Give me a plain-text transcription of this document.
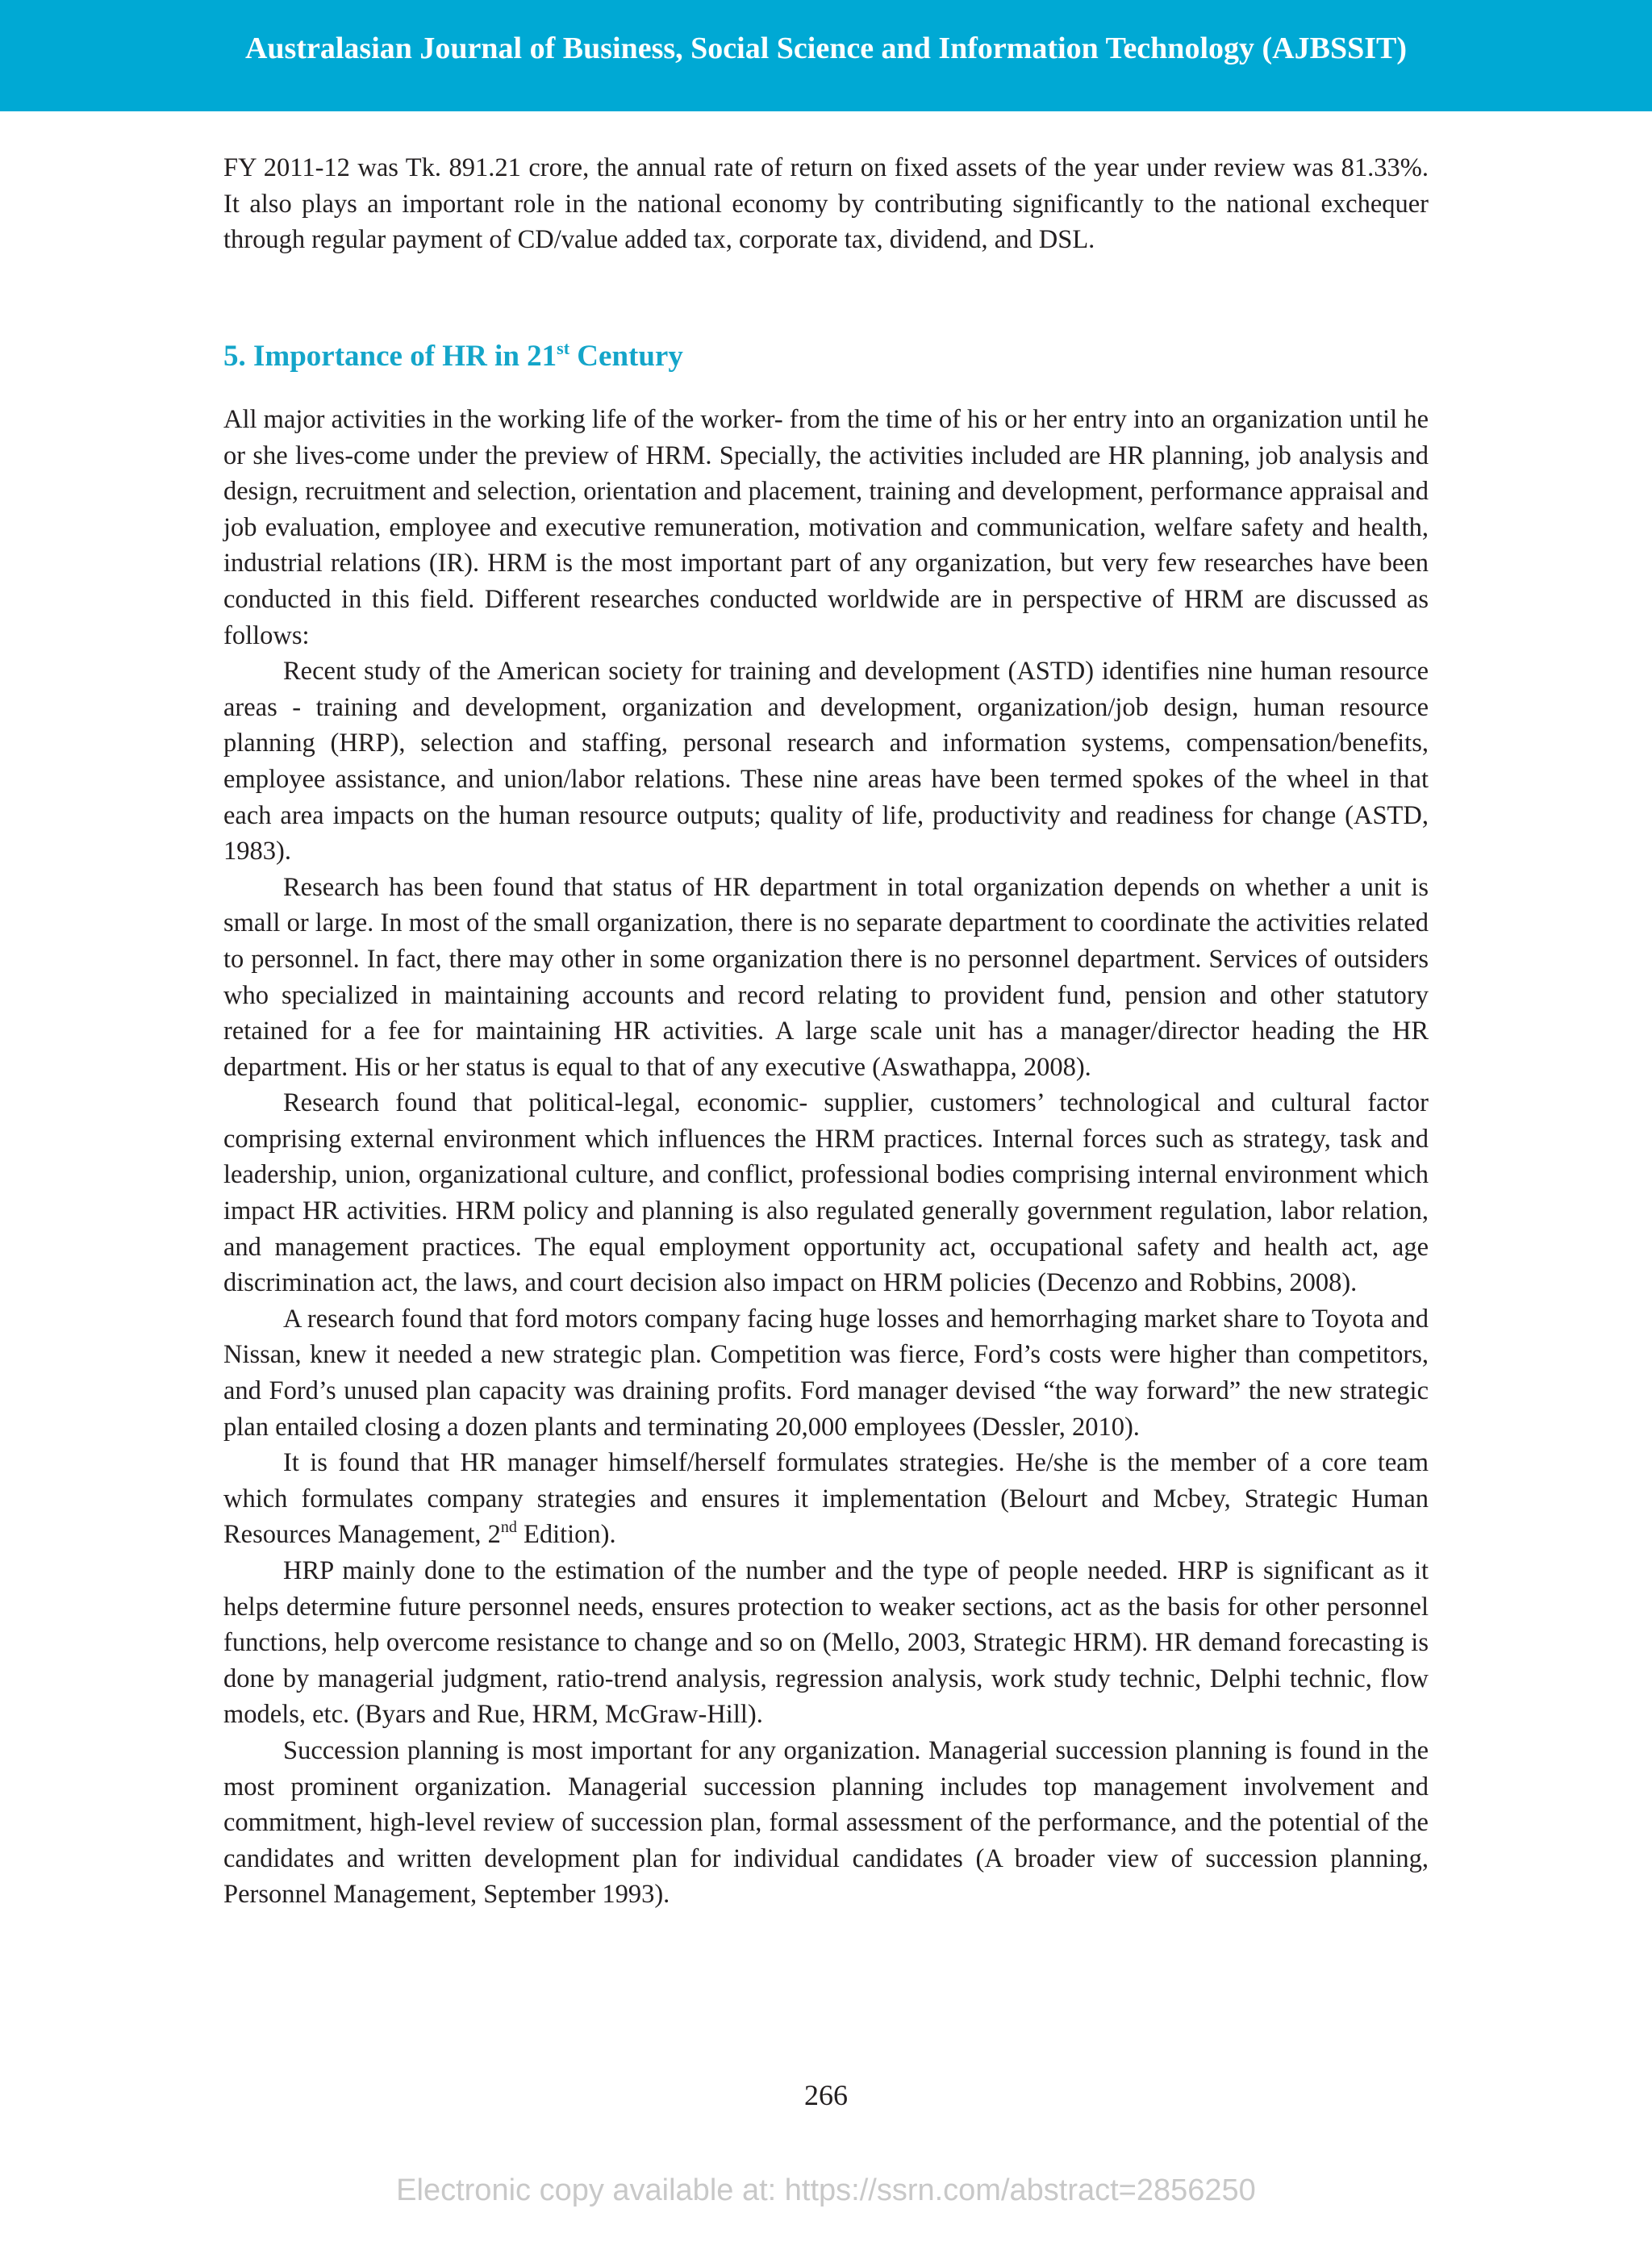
Australasian Journal of Business, Social Science and Information Technology (AJBSSIT)

FY 2011-12 was Tk. 891.21 crore, the annual rate of return on fixed assets of the year under review was 81.33%. It also plays an important role in the national economy by contributing significantly to the national exchequer through regular payment of CD/value added tax, corporate tax, dividend, and DSL.

5. Importance of HR in 21st Century

All major activities in the working life of the worker- from the time of his or her entry into an organization until he or she lives-come under the preview of HRM. Specially, the activities included are HR planning, job analysis and design, recruitment and selection, orientation and placement, training and development, performance appraisal and job evaluation, employee and executive remuneration, motivation and communication, welfare safety and health, industrial relations (IR). HRM is the most important part of any organization, but very few researches have been conducted in this field. Different researches conducted worldwide are in perspective of HRM are discussed as follows:

Recent study of the American society for training and development (ASTD) identifies nine human resource areas - training and development, organization and development, organization/job design, human resource planning (HRP), selection and staffing, personal research and information systems, compensation/benefits, employee assistance, and union/labor relations. These nine areas have been termed spokes of the wheel in that each area impacts on the human resource outputs; quality of life, productivity and readiness for change (ASTD, 1983).

Research has been found that status of HR department in total organization depends on whether a unit is small or large. In most of the small organization, there is no separate department to coordinate the activities related to personnel. In fact, there may other in some organization there is no personnel department. Services of outsiders who specialized in maintaining accounts and record relating to provident fund, pension and other statutory retained for a fee for maintaining HR activities. A large scale unit has a manager/director heading the HR department. His or her status is equal to that of any executive (Aswathappa, 2008).

Research found that political-legal, economic- supplier, customers’ technological and cultural factor comprising external environment which influences the HRM practices. Internal forces such as strategy, task and leadership, union, organizational culture, and conflict, professional bodies comprising internal environment which impact HR activities. HRM policy and planning is also regulated generally government regulation, labor relation, and management practices. The equal employment opportunity act, occupational safety and health act, age discrimination act, the laws, and court decision also impact on HRM policies (Decenzo and Robbins, 2008).

A research found that ford motors company facing huge losses and hemorrhaging market share to Toyota and Nissan, knew it needed a new strategic plan. Competition was fierce, Ford’s costs were higher than competitors, and Ford’s unused plan capacity was draining profits. Ford manager devised “the way forward” the new strategic plan entailed closing a dozen plants and terminating 20,000 employees (Dessler, 2010).

It is found that HR manager himself/herself formulates strategies. He/she is the member of a core team which formulates company strategies and ensures it implementation (Belourt and Mcbey, Strategic Human Resources Management, 2nd Edition).

HRP mainly done to the estimation of the number and the type of people needed. HRP is significant as it helps determine future personnel needs, ensures protection to weaker sections, act as the basis for other personnel functions, help overcome resistance to change and so on (Mello, 2003, Strategic HRM). HR demand forecasting is done by managerial judgment, ratio-trend analysis, regression analysis, work study technic, Delphi technic, flow models, etc. (Byars and Rue, HRM, McGraw-Hill).

Succession planning is most important for any organization. Managerial succession planning is found in the most prominent organization. Managerial succession planning includes top management involvement and commitment, high-level review of succession plan, formal assessment of the performance, and the potential of the candidates and written development plan for individual candidates (A broader view of succession planning, Personnel Management, September 1993).

266
Electronic copy available at: https://ssrn.com/abstract=2856250
